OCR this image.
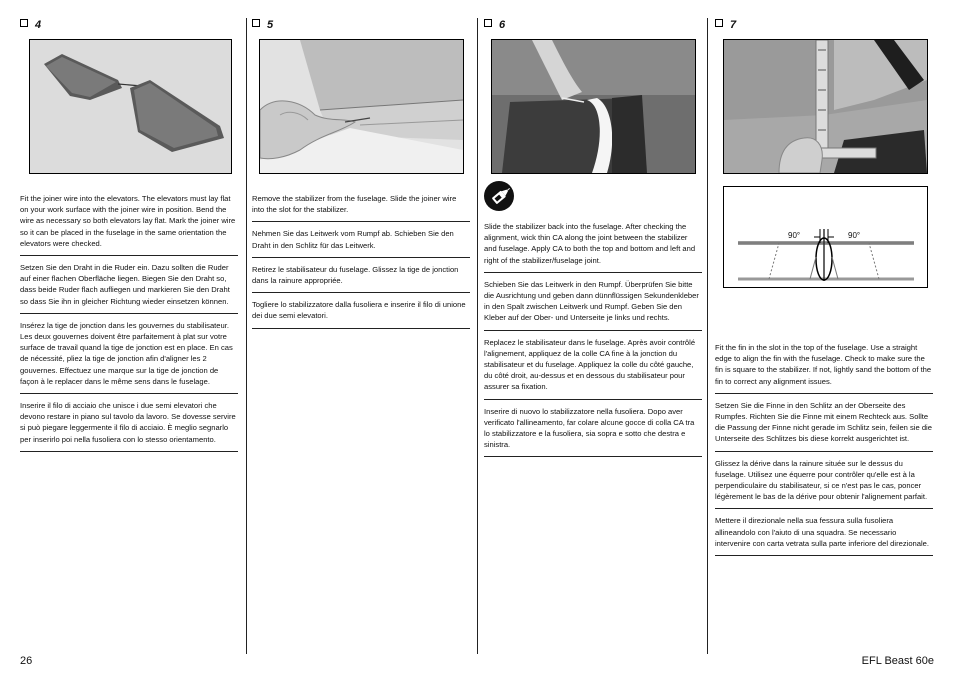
4
Fit the joiner wire into the elevators. The elevators must lay flat on your work surface with the joiner wire in position. Bend the wire as necessary so both elevators lay flat. Mark the joiner wire so it can be placed in the fuselage in the same orientation the elevators were checked.
Setzen Sie den Draht in die Ruder ein. Dazu sollten die Ruder auf einer flachen Oberfläche liegen. Biegen Sie den Draht so, dass beide Ruder flach aufliegen und markieren Sie den Draht so dass Sie ihn in gleicher Richtung wieder einsetzen können.
Insérez la tige de jonction dans les gouvernes du stabilisateur. Les deux gouvernes doivent être parfaitement à plat sur votre surface de travail quand la tige de jonction est en place. En cas de nécessité, pliez la tige de jonction afin d'aligner les 2 gouvernes. Effectuez une marque sur la tige de jonction de façon à le replacer dans le même sens dans le fuselage.
Inserire il filo di acciaio che unisce i due semi elevatori che devono restare in piano sul tavolo da lavoro. Se dovesse servire si può piegare leggermente il filo di acciaio. È meglio segnarlo per inserirlo poi nella fusoliera con lo stesso orientamento.
5
Remove the stabilizer from the fuselage. Slide the joiner wire into the slot for the stabilizer.
Nehmen Sie das Leitwerk vom Rumpf ab. Schieben Sie den Draht in den Schlitz für das Leitwerk.
Retirez le stabilisateur du fuselage. Glissez la tige de jonction dans la rainure appropriée.
Togliere lo stabilizzatore dalla fusoliera e inserire il filo di unione dei due semi elevatori.
6
Slide the stabilizer back into the fuselage. After checking the alignment, wick thin CA along the joint between the stabilizer and fuselage. Apply CA to both the top and bottom and left and right of the stabilizer/fuselage joint.
Schieben Sie das Leitwerk in den Rumpf. Überprüfen Sie bitte die Ausrichtung und geben dann dünnflüssigen Sekundenkleber in den Spalt zwischen Leitwerk und Rumpf. Geben Sie den Kleber auf der Ober- und Unterseite je links und rechts.
Replacez le stabilisateur dans le fuselage. Après avoir contrôlé l'alignement, appliquez de la colle CA fine à la jonction du stabilisateur et du fuselage. Appliquez la colle du côté gauche, du côté droit, au-dessus et en dessous du stabilisateur pour assurer sa fixation.
Inserire di nuovo lo stabilizzatore nella fusoliera. Dopo aver verificato l'allineamento, far colare alcune gocce di colla CA tra lo stabilizzatore e la fusoliera, sia sopra e sotto che destra e sinistra.
7
90°	90°
Fit the fin in the slot in the top of the fuselage. Use a straight edge to align the fin with the fuselage. Check to make sure the fin is square to the stabilizer. If not, lightly sand the bottom of the fin to correct any alignment issues.
Setzen Sie die Finne in den Schlitz an der Oberseite des Rumpfes. Richten Sie die Finne mit einem Rechteck aus. Sollte die Passung der Finne nicht gerade im Schlitz sein, feilen sie die Unterseite des Schlitzes bis diese korrekt ausgerichtet ist.
Glissez la dérive dans la rainure située sur le dessus du fuselage. Utilisez une équerre pour contrôler qu'elle est à la perpendiculaire du stabilisateur, si ce n'est pas le cas, poncer légèrement le bas de la dérive pour obtenir l'alignement parfait.
Mettere il direzionale nella sua fessura sulla fusoliera allineandolo con l'aiuto di una squadra. Se necessario intervenire con carta vetrata sulla parte inferiore del direzionale.
26	EFL Beast 60e
